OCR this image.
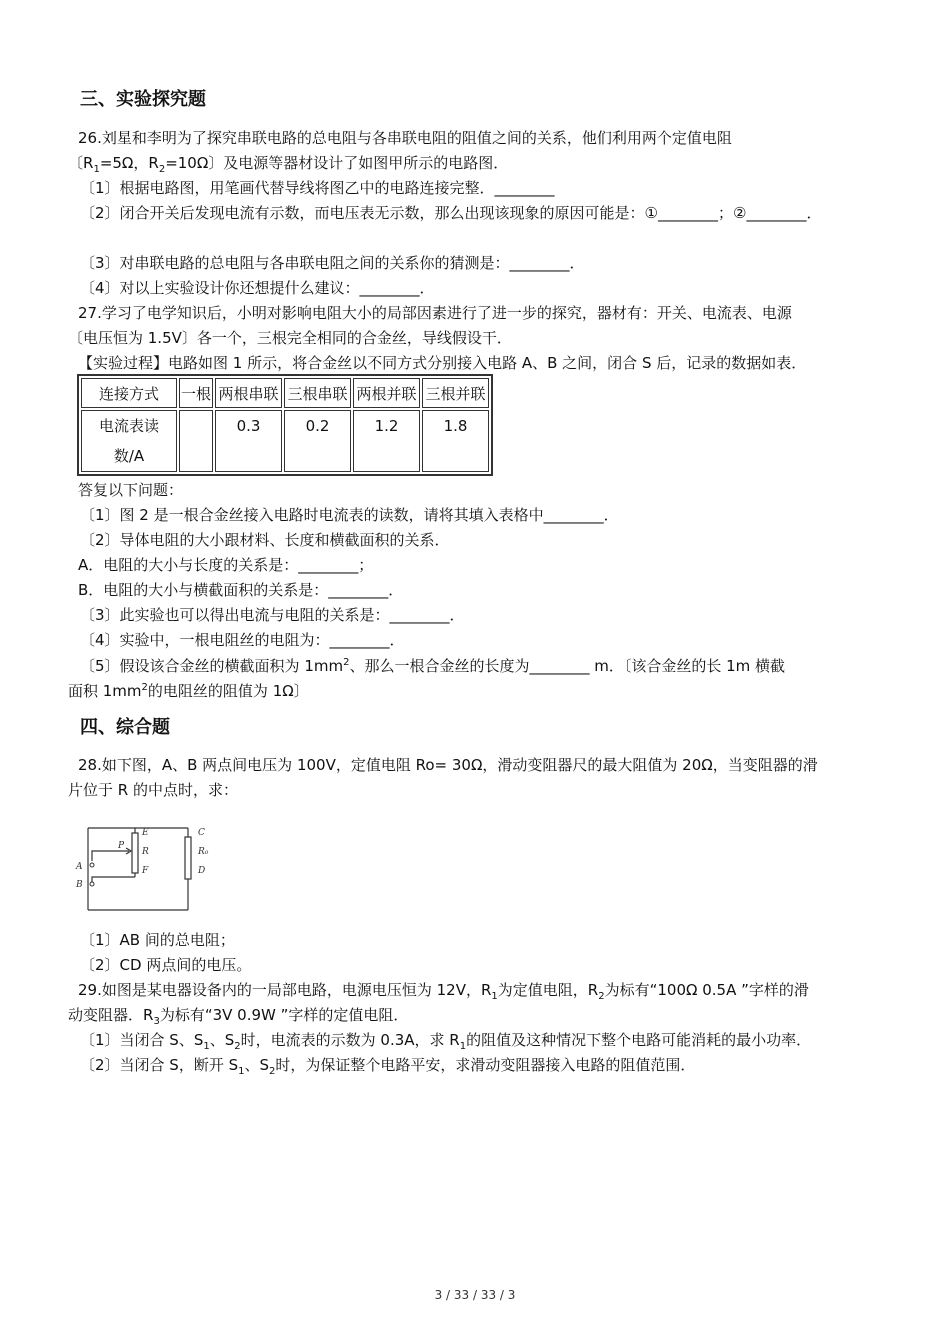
三、实验探究题
26.刘星和李明为了探究串联电路的总电阻与各串联电阻的阻值之间的关系，他们利用两个定值电阻
〔$R_1=5\Omega$，$R_2=10\Omega$〕及电源等器材设计了如图甲所示的电路图．
〔1〕根据电路图，用笔画代替导线将图乙中的电路连接完整．________
〔2〕闭合开关后发现电流有示数，而电压表无示数，那么出现该现象的原因可能是：①________；②________．
〔3〕对串联电路的总电阻与各串联电阻之间的关系你的猜测是：________．
〔4〕对以上实验设计你还想提什么建议：________．
27.学习了电学知识后，小明对影响电阻大小的局部因素进行了进一步的探究，器材有：开关、电流表、电源
〔电压恒为 1.5V〕各一个，三根完全相同的合金丝，导线假设干．
【实验过程】电路如图 1 所示，将合金丝以不同方式分别接入电路 A、B 之间，闭合 S 后，记录的数据如表．
连接方式	一根	两根串联	三根串联	两根并联	三根并联
电流表读
数/A		0.3	0.2	1.2	1.8
答复以下问题：
〔1〕图 2 是一根合金丝接入电路时电流表的读数，请将其填入表格中________．
〔2〕导体电阻的大小跟材料、长度和横截面积的关系．
A．电阻的大小与长度的关系是：________；
B．电阻的大小与横截面积的关系是：________．
〔3〕此实验也可以得出电流与电阻的关系是：________．
〔4〕实验中，一根电阻丝的电阻为：________．
〔5〕假设该合金丝的横截面积为 $1mm^2$、那么一根合金丝的长度为________ m．〔该合金丝的长 1m 横截
面积 $1mm^2$的电阻丝的阻值为 1Ω〕
四、综合题
28.如下图，A、B 两点间电压为 100V，定值电阻 Ro= 30Ω，滑动变阻器尺的最大阻值为 20Ω，当变阻器的滑
片位于 R 的中点时，求：
A
B
P
E
R
F
C
R₀
D
〔1〕AB 间的总电阻；
〔2〕CD 两点间的电压。
29.如图是某电器设备内的一局部电路，电源电压恒为 12V，$R_1$为定值电阻，$R_2$为标有“100Ω 0.5A ”字样的滑
动变阻器．$R_3$为标有“3V 0.9W ”字样的定值电阻．
〔1〕当闭合 S、$S_1$、$S_2$时，电流表的示数为 0.3A，求 $R_1$的阻值及这种情况下整个电路可能消耗的最小功率．
〔2〕当闭合 S，断开 $S_1$、$S_2$时，为保证整个电路平安，求滑动变阻器接入电路的阻值范围．
3 / 33 / 33 / 3
